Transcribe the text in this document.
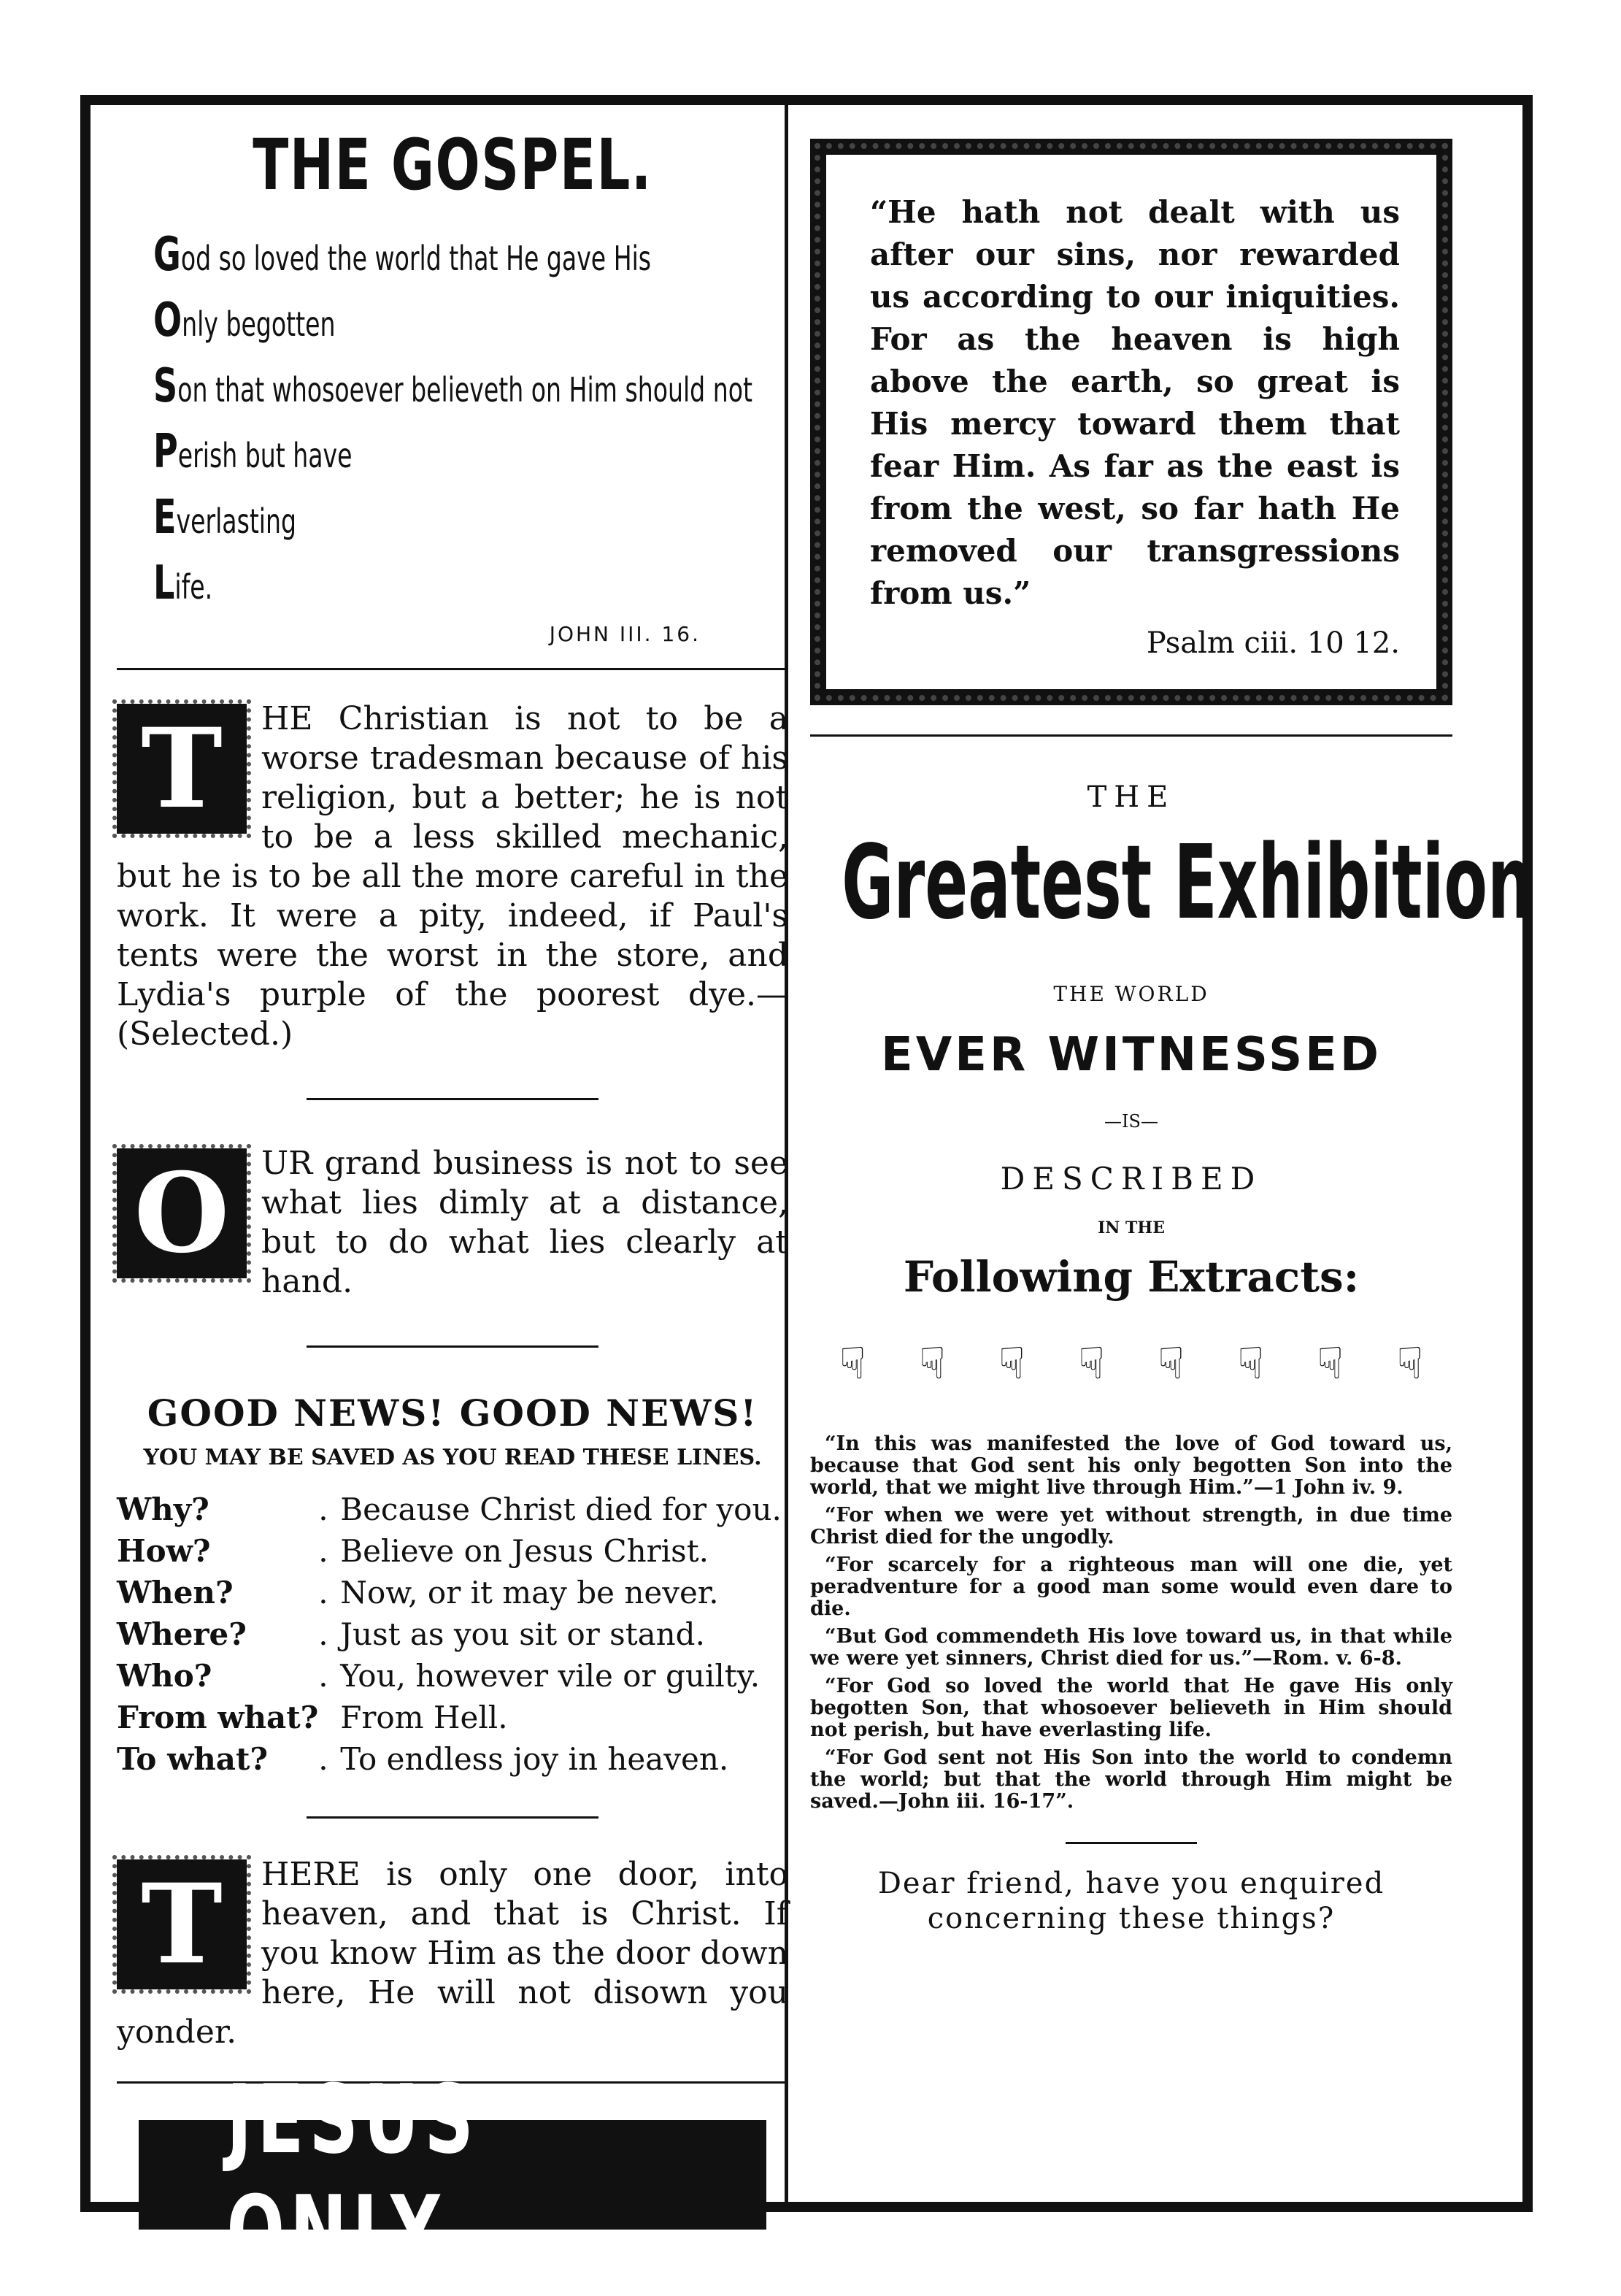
THE GOSPEL.
God so loved the world that He gave His
Only begotten
Son that whosoever believeth on Him should not
Perish but have
Everlasting
Life.
JOHN III. 16.
T	HE Christian is not to be a worse tradesman because of his religion, but a better; he is not to be a less skilled mechanic, but he is to be all the more careful in the work. It were a pity, indeed, if Paul's tents were the worst in the store, and Lydia's purple of the poorest dye.—(Selected.)
O UR grand business is not to see what lies dimly at a distance, but to do what lies clearly at hand.
GOOD NEWS! GOOD NEWS!
YOU MAY BE SAVED AS YOU READ THESE LINES.
Why?	.	Because Christ died for you.
How?	.	Believe on Jesus Christ.
When?	.	Now, or it may be never.
Where?	.	Just as you sit or stand.
Who?	.	You, however vile or guilty.
From what?		From Hell.
To what?	.	To endless joy in heaven.
T	HERE is only one door, into heaven, and that is Christ. If you know Him as the door down here, He will not disown you yonder.
JESUS ONLY.
“He hath not dealt with us after our sins, nor rewarded us according to our iniquities. For as the heaven is high above the earth, so great is His mercy toward them that fear Him. As far as the east is from the west, so far hath He removed our transgressions from us.”
Psalm ciii. 10 12.
THE
Greatest Exhibition
THE WORLD
EVER WITNESSED
—IS—
DESCRIBED
IN THE
Following Extracts:
☟ ☟ ☟ ☟ ☟ ☟ ☟ ☟

“In this was manifested the love of God toward us, because that God sent his only begotten Son into the world, that we might live through Him.”—1 John iv. 9.

“For when we were yet without strength, in due time Christ died for the ungodly.

“For scarcely for a righteous man will one die, yet peradventure for a good man some would even dare to die.

“But God commendeth His love toward us, in that while we were yet sinners, Christ died for us.”—Rom. v. 6-8.

“For God so loved the world that He gave His only begotten Son, that whosoever believeth in Him should not perish, but have everlasting life.

“For God sent not His Son into the world to condemn the world; but that the world through Him might be saved.—John iii. 16-17”.

Dear friend, have you enquired concerning these things?
